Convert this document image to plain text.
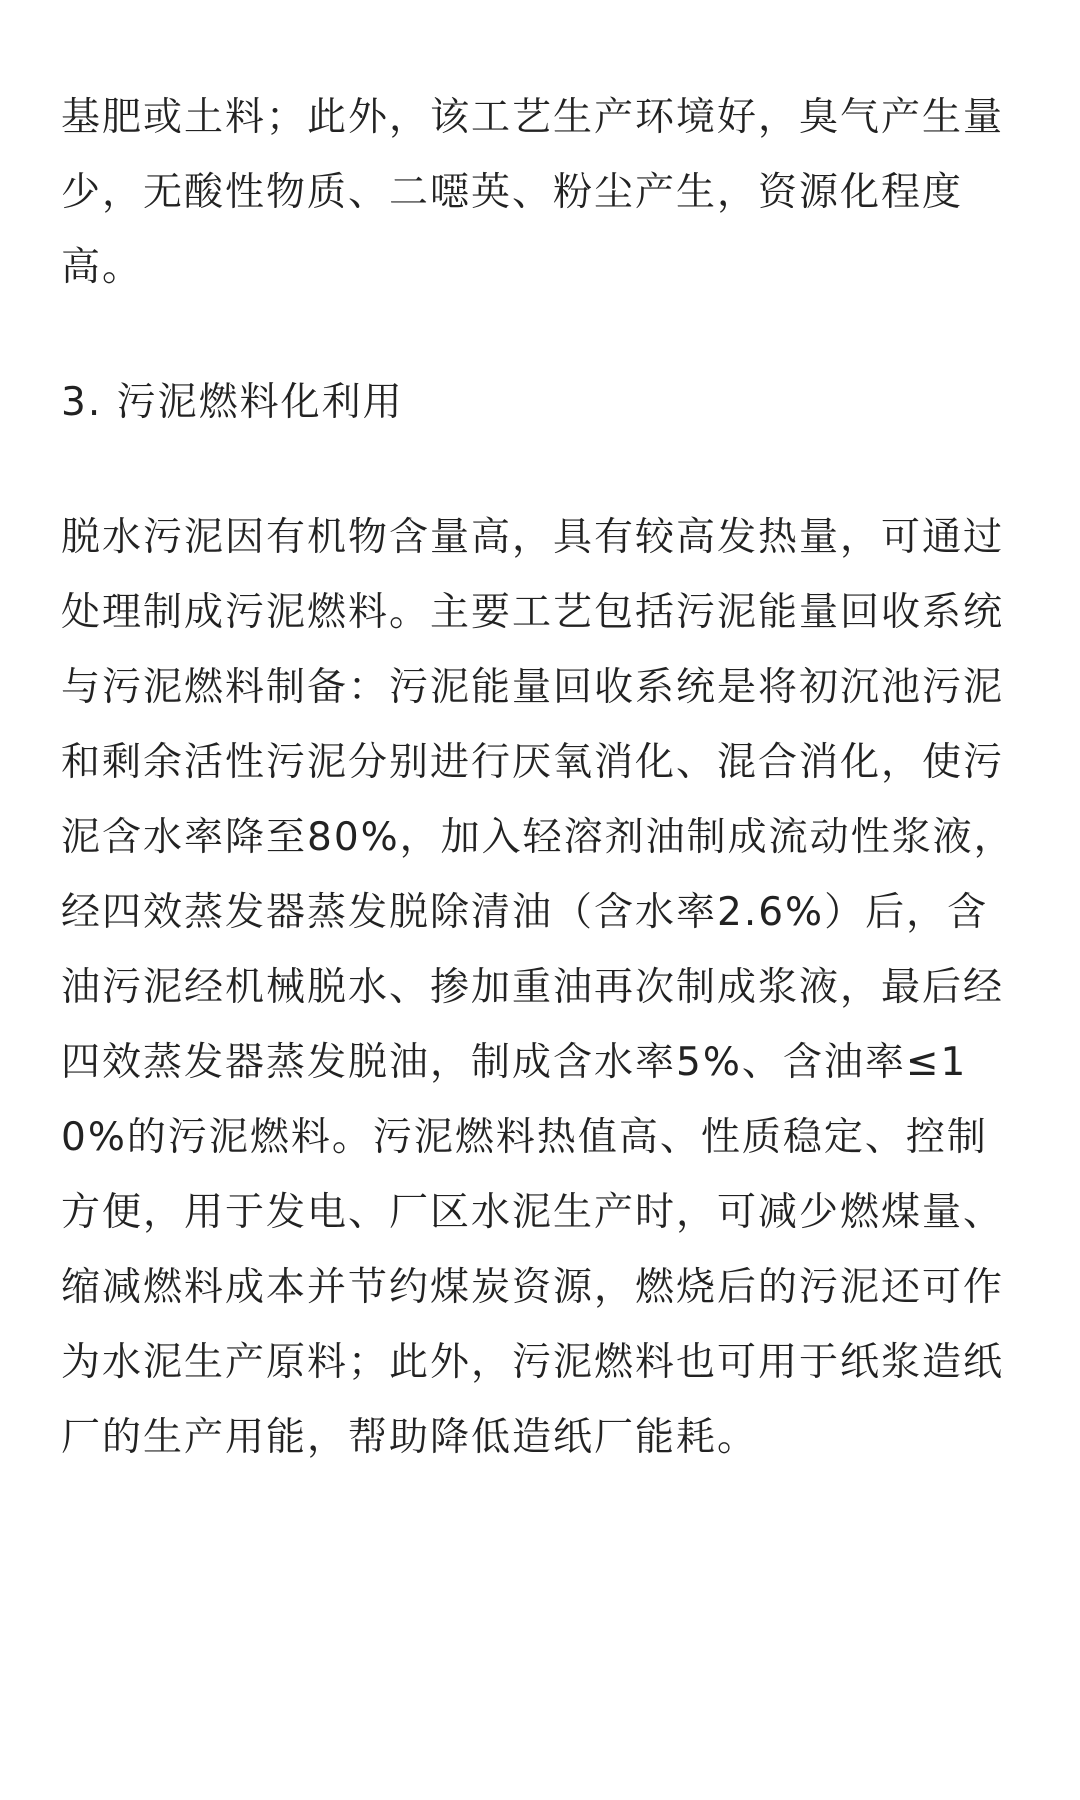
基肥或土料；此外，该工艺生产环境好，臭气产生量少，无酸性物质、二噁英、粉尘产生，资源化程度高。

3. 污泥燃料化利用

脱水污泥因有机物含量高，具有较高发热量，可通过处理制成污泥燃料。主要工艺包括污泥能量回收系统与污泥燃料制备：污泥能量回收系统是将初沉池污泥和剩余活性污泥分别进行厌氧消化、混合消化，使污泥含水率降至80%，加入轻溶剂油制成流动性浆液，经四效蒸发器蒸发脱除清油（含水率2.6%）后，含油污泥经机械脱水、掺加重油再次制成浆液，最后经四效蒸发器蒸发脱油，制成含水率5%、含油率≤10%的污泥燃料。污泥燃料热值高、性质稳定、控制方便，用于发电、厂区水泥生产时，可减少燃煤量、缩减燃料成本并节约煤炭资源，燃烧后的污泥还可作为水泥生产原料；此外，污泥燃料也可用于纸浆造纸厂的生产用能，帮助降低造纸厂能耗。
